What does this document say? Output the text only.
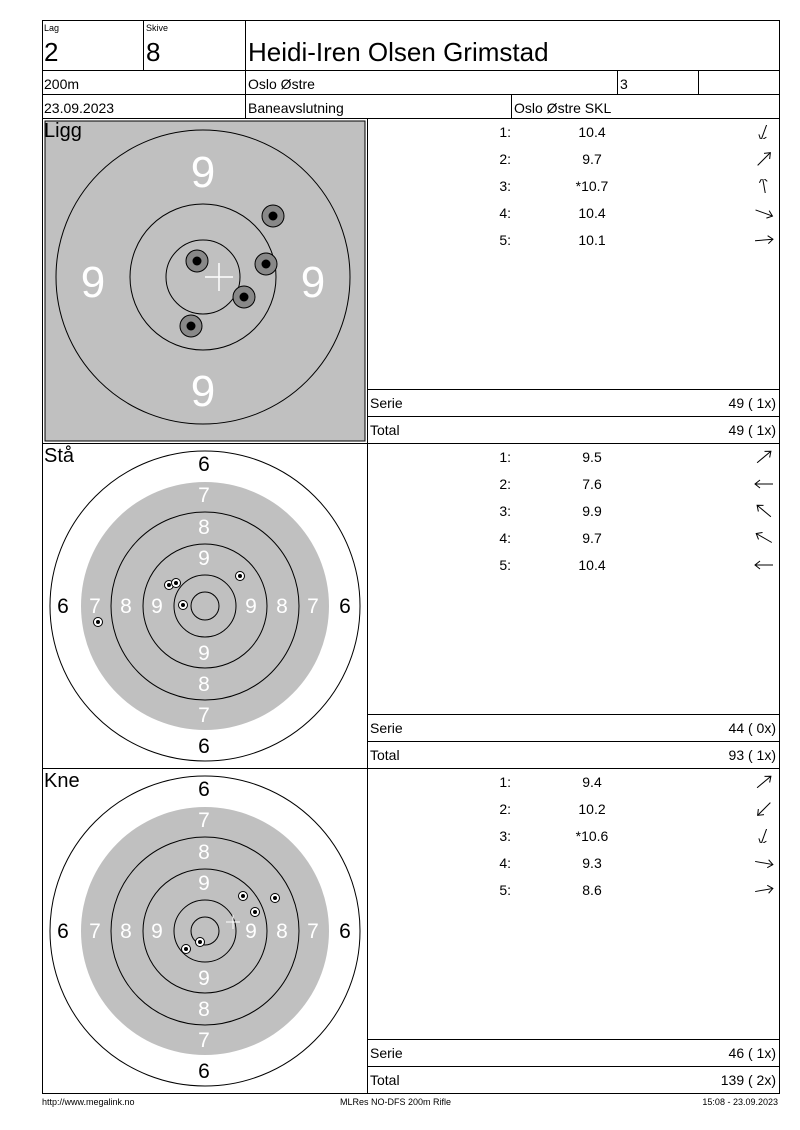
Lag
2
Skive
8	Heidi-Iren Olsen Grimstad
200m	Oslo Østre	3
23.09.2023	Baneavslutning	Oslo Østre SKL
9
9
9	9
Ligg	1:	10.4
2:	9.7
3:	*10.7
4:	10.4
5:	10.1
Serie	49 ( 1x)
Total	49 ( 1x)
6
7
8
9
9
8
7
6
6 7 8 9	9 8 7 6
Stå	1:	9.5
2:	7.6
3:	9.9
4:	9.7
5:	10.4
Serie	44 ( 0x)
Total	93 ( 1x)
6
7
8
9
9
8
7
6
6 7 8 9	9 8 7 6
Kne	1:	9.4
2:	10.2
3:	*10.6
4:	9.3
5:	8.6
Serie	46 ( 1x)
Total	139 ( 2x)
http://www.megalink.no	MLRes NO-DFS 200m Rifle	15:08 - 23.09.2023
